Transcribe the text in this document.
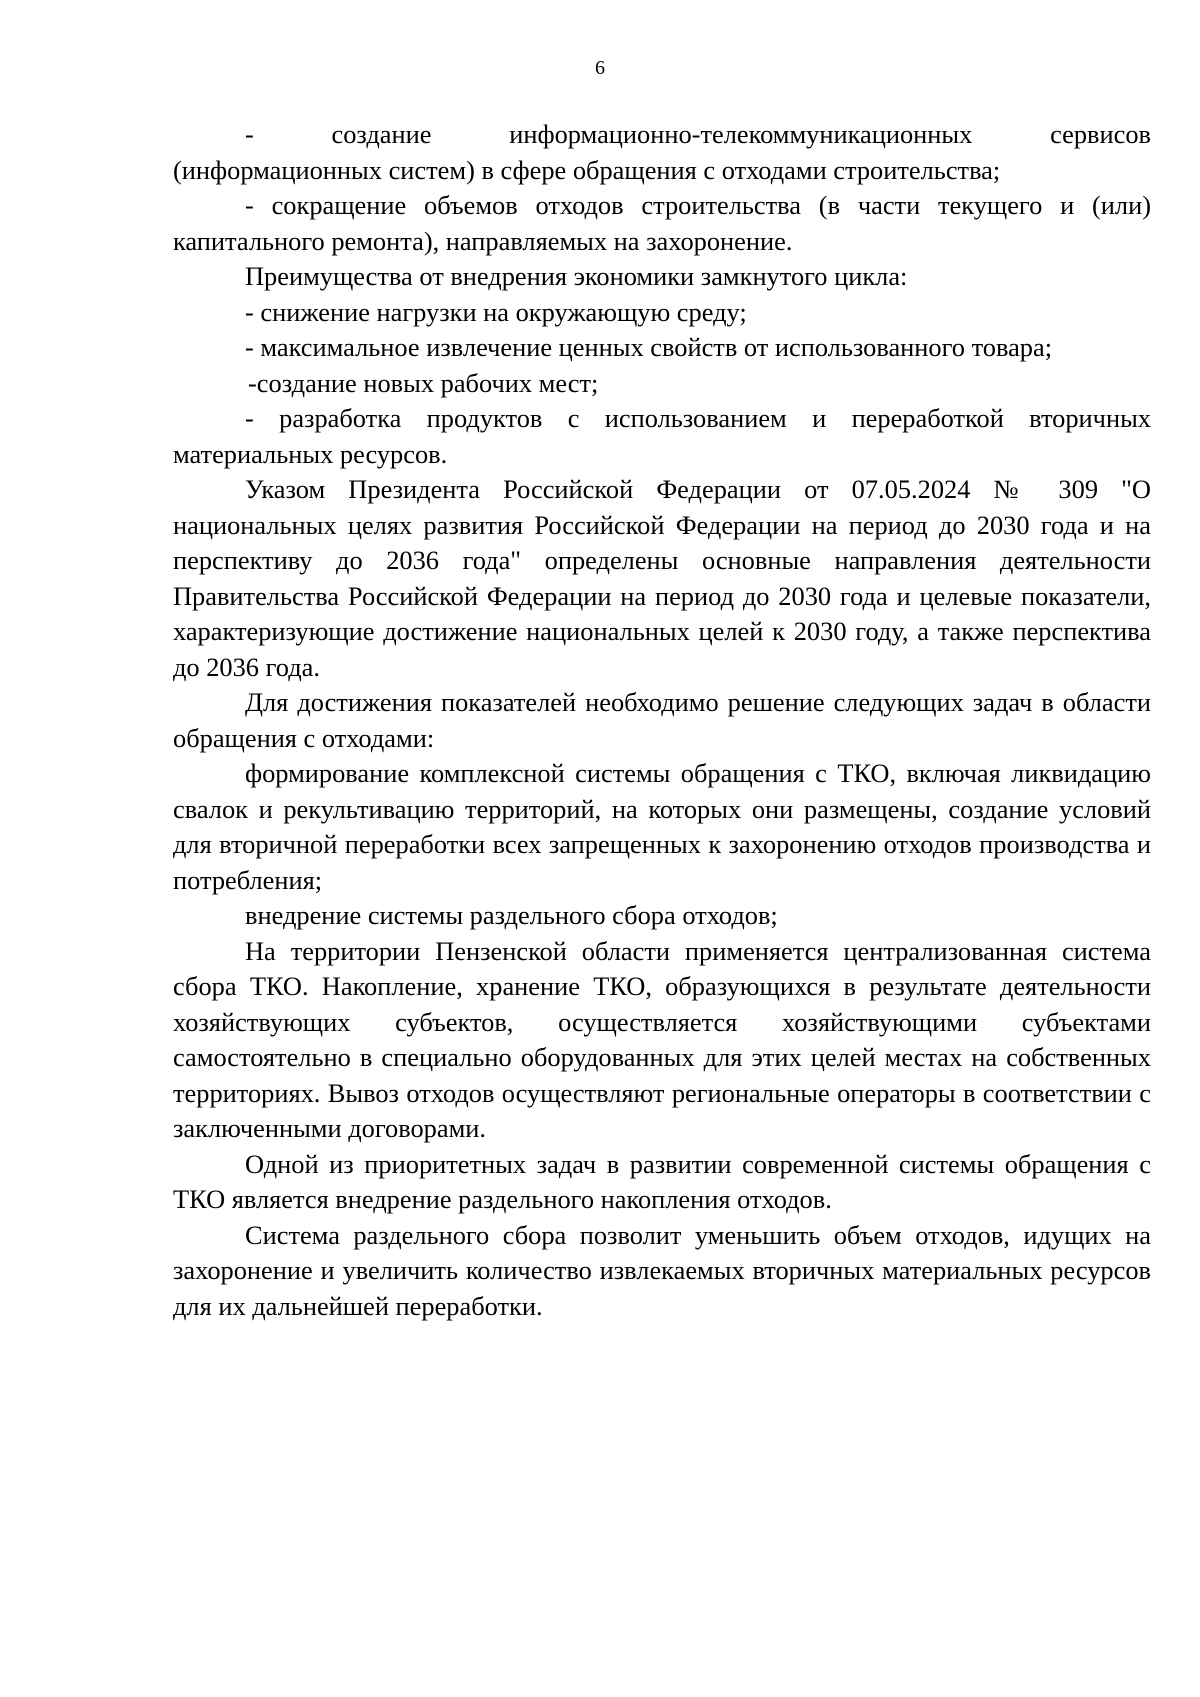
6

- создание информационно-телекоммуникационных сервисов (информационных систем) в сфере обращения с отходами строительства;

- сокращение объемов отходов строительства (в части текущего и (или) капитального ремонта), направляемых на захоронение.

Преимущества от внедрения экономики замкнутого цикла:

- снижение нагрузки на окружающую среду;

- максимальное извлечение ценных свойств от использованного товара;

-создание новых рабочих мест;

- разработка продуктов с использованием и переработкой вторичных материальных ресурсов.

Указом Президента Российской Федерации от 07.05.2024 № 309 "О национальных целях развития Российской Федерации на период до 2030 года и на перспективу до 2036 года" определены основные направления деятельности Правительства Российской Федерации на период до 2030 года и целевые показатели, характеризующие достижение национальных целей к 2030 году, а также перспектива до 2036 года.

Для достижения показателей необходимо решение следующих задач в области обращения с отходами:

формирование комплексной системы обращения с ТКО, включая ликвидацию свалок и рекультивацию территорий, на которых они размещены, создание условий для вторичной переработки всех запрещенных к захоронению отходов производства и потребления;

внедрение системы раздельного сбора отходов;

На территории Пензенской области применяется централизованная система сбора ТКО. Накопление, хранение ТКО, образующихся в результате деятельности хозяйствующих субъектов, осуществляется хозяйствующими субъектами самостоятельно в специально оборудованных для этих целей местах на собственных территориях. Вывоз отходов осуществляют региональные операторы в соответствии с заключенными договорами.

Одной из приоритетных задач в развитии современной системы обращения с ТКО является внедрение раздельного накопления отходов.

Система раздельного сбора позволит уменьшить объем отходов, идущих на захоронение и увеличить количество извлекаемых вторичных материальных ресурсов для их дальнейшей переработки.
